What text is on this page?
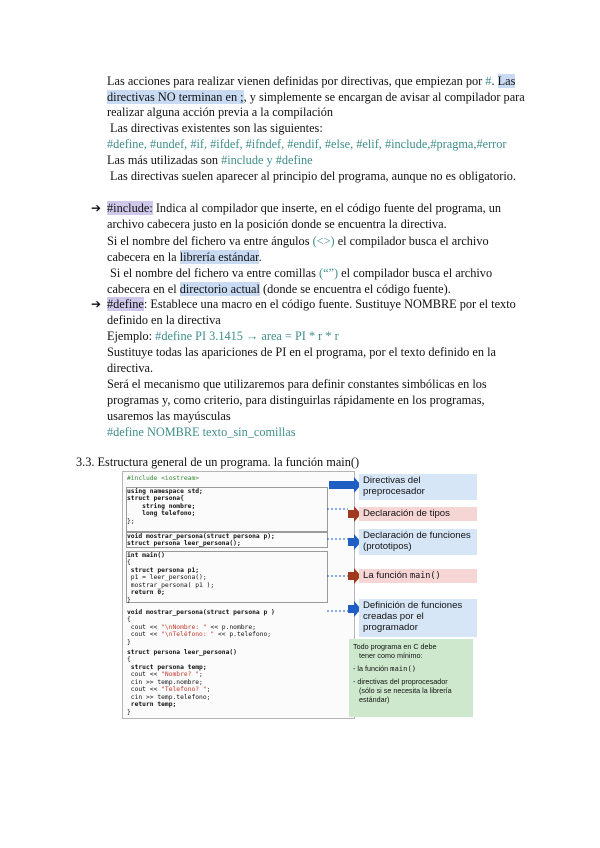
Las acciones para realizar vienen definidas por directivas, que empiezan por #. Las
directivas NO terminan en ;, y simplemente se encargan de avisar al compilador para
realizar alguna acción previa a la compilación
Las directivas existentes son las siguientes:
#define, #undef, #if, #ifdef, #ifndef, #endif, #else, #elif, #include,#pragma,#error
Las más utilizadas son #include y #define
Las directivas suelen aparecer al principio del programa, aunque no es obligatorio.
➔ #include: Indica al compilador que inserte, en el código fuente del programa, un
archivo cabecera justo en la posición donde se encuentra la directiva.
Si el nombre del fichero va entre ángulos (<>) el compilador busca el archivo
cabecera en la librería estándar.
Si el nombre del fichero va entre comillas (“”) el compilador busca el archivo
cabecera en el directorio actual (donde se encuentra el código fuente).
➔ #define: Establece una macro en el código fuente. Sustituye NOMBRE por el texto
definido en la directiva
Ejemplo: #define PI 3.1415 → area = PI * r * r
Sustituye todas las apariciones de PI en el programa, por el texto definido en la
directiva.
Será el mecanismo que utilizaremos para definir constantes simbólicas en los
programas y, como criterio, para distinguirlas rápidamente en los programas,
usaremos las mayúsculas
#define NOMBRE texto_sin_comillas
3.3. Estructura general de un programa. la función main()
#include <iostream>
using namespace std;
struct persona{
string nombre;
long telefono;
};
void mostrar_persona(struct persona p);
struct persona leer_persona();
int main()
{
struct persona p1;
p1 = leer_persona();
mostrar_persona( p1 );
return 0;
}
void mostrar_persona(struct persona p )
{
cout << "\nNombre: " << p.nombre;
cout << "\nTeléfono: " << p.telefono;
}
struct persona leer_persona()
{
struct persona temp;
cout << "Nombre? ";
cin >> temp.nombre;
cout << "Telefono? ";
cin >> temp.telefono;
return temp;
}
Directivas del preprocesador
Declaración de tipos
Declaración de funciones (prototipos)
La función main()
Definición de funciones creadas por el programador
Todo programa en C debe
tener como mínimo:
- la función main()
- directivas del proprocesador
(sólo si se necesita la librería
estándar)
